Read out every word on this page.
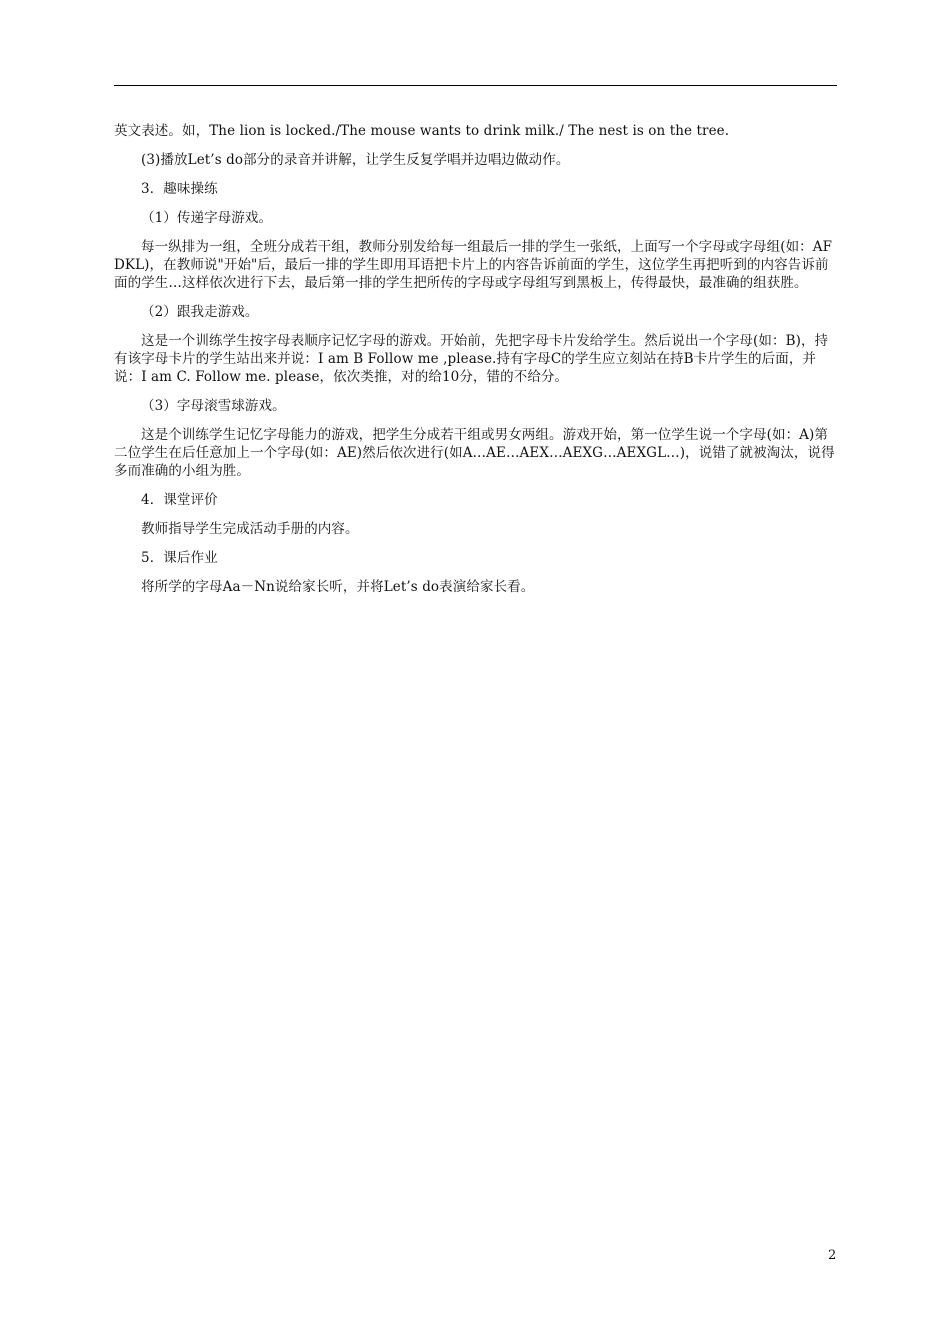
英文表述。如，The lion is locked./The mouse wants to drink milk./ The nest is on the tree.

(3)播放Let’s do部分的录音并讲解，让学生反复学唱并边唱边做动作。

3．趣味操练

（1）传递字母游戏。

每一纵排为一组，全班分成若干组，教师分别发给每一组最后一排的学生一张纸，上面写一个字母或字母组(如：AFDKL)，在教师说"开始"后，最后一排的学生即用耳语把卡片上的内容告诉前面的学生，这位学生再把听到的内容告诉前面的学生…这样依次进行下去，最后第一排的学生把所传的字母或字母组写到黑板上，传得最快，最准确的组获胜。

（2）跟我走游戏。

这是一个训练学生按字母表顺序记忆字母的游戏。开始前，先把字母卡片发给学生。然后说出一个字母(如：B)，持有该字母卡片的学生站出来并说：I am B Follow me ,please.持有字母C的学生应立刻站在持B卡片学生的后面，并说：I am C. Follow me. please，依次类推，对的给10分，错的不给分。

（3）字母滚雪球游戏。

这是个训练学生记忆字母能力的游戏，把学生分成若干组或男女两组。游戏开始，第一位学生说一个字母(如：A)第二位学生在后任意加上一个字母(如：AE)然后依次进行(如A…AE…AEX…AEXG…AEXGL…)，说错了就被淘汰，说得多而准确的小组为胜。

4．课堂评价

教师指导学生完成活动手册的内容。

5．课后作业

将所学的字母Aa－Nn说给家长听，并将Let’s do表演给家长看。

2
